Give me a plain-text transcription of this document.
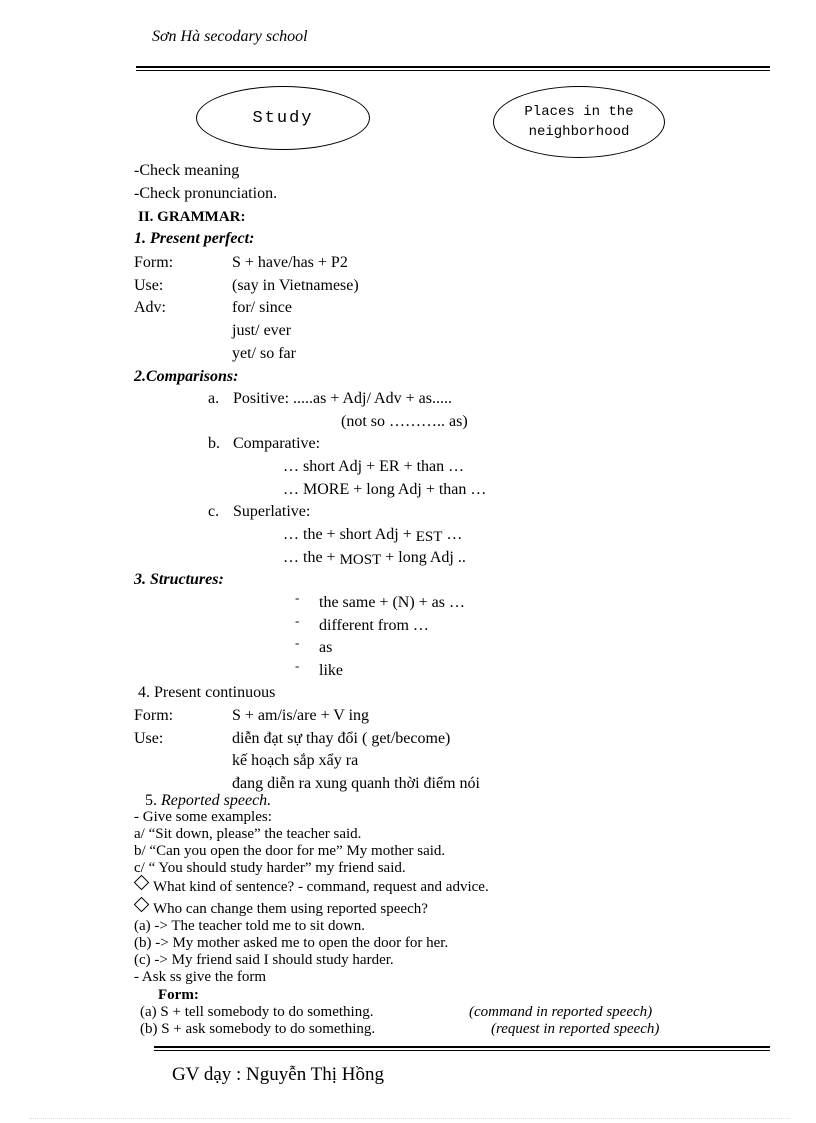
Sơn Hà secodary school
Study	Places in the
neighborhood
-Check meaning
-Check pronunciation.
II. GRAMMAR:
1. Present perfect:
Form:	S + have/has + P2
Use:	(say in Vietnamese)
Adv:	for/ since
just/ ever
yet/ so far
2.Comparisons:
a. Positive: .....as + Adj/ Adv + as.....
(not so ……….. as)
b. Comparative:
… short Adj + ER + than …
… MORE + long Adj + than …
c. Superlative:
… the + short Adj + EST …
… the + MOST + long Adj ..
3. Structures:
- the same + (N) + as …
- different from …
- as
- like
4. Present continuous
Form:	S + am/is/are + V ing
Use:	diễn đạt sự thay đổi ( get/become)
kế hoạch sắp xẩy ra
đang diễn ra xung quanh thời điểm nói
5. Reported speech.
- Give some examples:
a/ “Sit down, please” the teacher said.
b/ “Can you open the door for me” My mother said.
c/ “ You should study harder” my friend said.
What kind of sentence? - command, request and advice.
Who can change them using reported speech?
(a) -> The teacher told me to sit down.
(b) -> My mother asked me to open the door for her.
(c) -> My friend said I should study harder.
- Ask ss give the form
Form:
(a) S + tell somebody to do something.	(command in reported speech)
(b) S + ask somebody to do something.	(request in reported speech)
GV dạy : Nguyễn Thị Hồng
